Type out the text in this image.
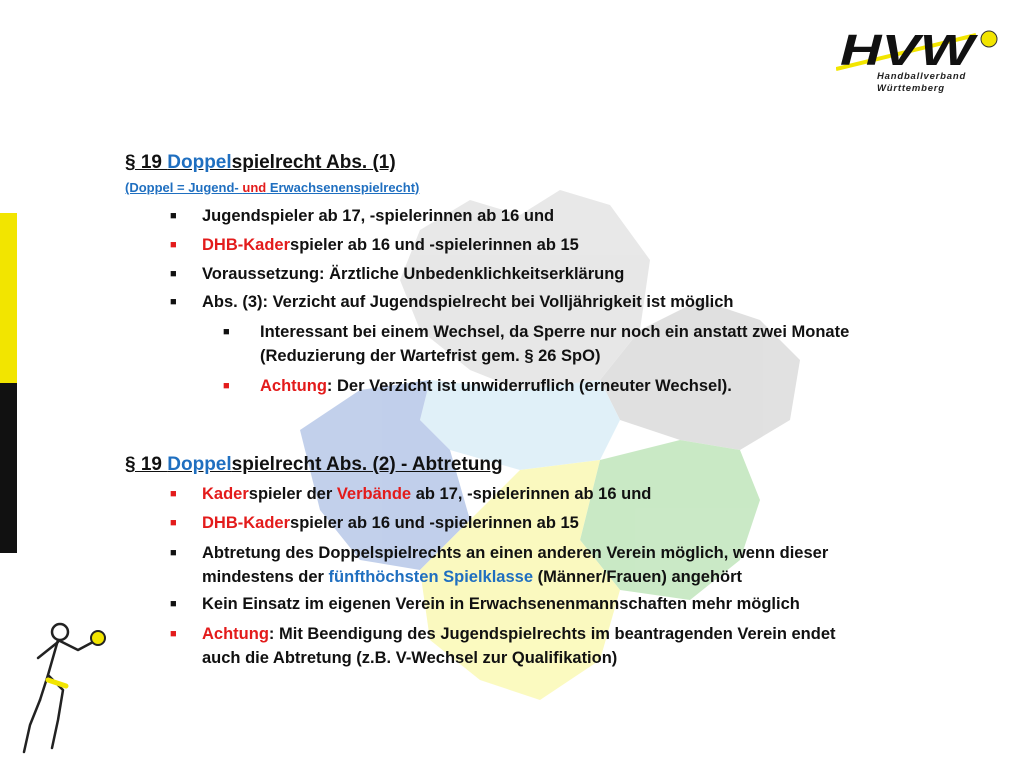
HVW
Handballverband
Württemberg
§ 19 Doppelspielrecht Abs. (1)
(Doppel = Jugend- und Erwachsenenspielrecht)
■ Jugendspieler ab 17, -spielerinnen ab 16 und
■ DHB-Kaderspieler ab 16 und -spielerinnen ab 15
■ Voraussetzung: Ärztliche Unbedenklichkeitserklärung
■ Abs. (3): Verzicht auf Jugendspielrecht bei Volljährigkeit ist möglich
■ Interessant bei einem Wechsel, da Sperre nur noch ein anstatt zwei Monate
(Reduzierung der Wartefrist gem. § 26 SpO)
■ Achtung: Der Verzicht ist unwiderruflich (erneuter Wechsel).
§ 19 Doppelspielrecht Abs. (2) - Abtretung
■ Kaderspieler der Verbände ab 17, -spielerinnen ab 16 und
■ DHB-Kaderspieler ab 16 und -spielerinnen ab 15
■ Abtretung des Doppelspielrechts an einen anderen Verein möglich, wenn dieser
mindestens der fünfthöchsten Spielklasse (Männer/Frauen) angehört
■ Kein Einsatz im eigenen Verein in Erwachsenenmannschaften mehr möglich
■ Achtung: Mit Beendigung des Jugendspielrechts im beantragenden Verein endet
auch die Abtretung (z.B. V-Wechsel zur Qualifikation)
